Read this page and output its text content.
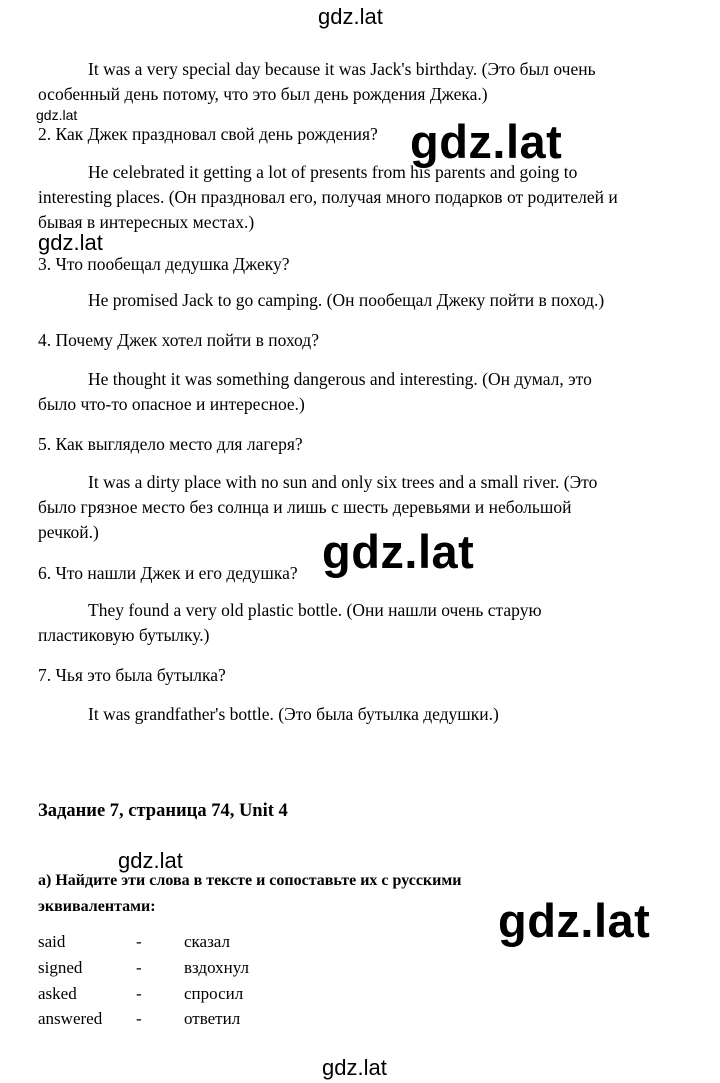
gdz.lat
gdz.lat
gdz.lat
gdz.lat
gdz.lat
It was a very special day because it was Jack's birthday. (Это был очень
особенный день потому, что это был день рождения Джека.)
2. Как Джек праздновал свой день рождения?
He celebrated it getting a lot of presents from his parents and going to
interesting places. (Он праздновал его, получая много подарков от родителей и
бывая в интересных местах.)
3. Что пообещал дедушка Джеку?
He promised Jack to go camping. (Он пообещал Джеку пойти в поход.)
4. Почему Джек хотел пойти в поход?
He thought it was something dangerous and interesting. (Он думал, это
было что-то опасное и интересное.)
5. Как выглядело место для лагеря?
It was a dirty place with no sun and only six trees and a small river. (Это
было грязное место без солнца и лишь с шесть деревьями и небольшой
речкой.)
6. Что нашли Джек и его дедушка?
They found a very old plastic bottle. (Они нашли очень старую
пластиковую бутылку.)
7. Чья это была бутылка?
It was grandfather's bottle. (Это была бутылка дедушки.)
Задание 7, страница 74, Unit 4
a) Найдите эти слова в тексте и сопоставьте их с русскими
эквивалентами:
said	- сказал
signed	- вздохнул
asked	- спросил
answered - ответил
gdz.lat
gdz.lat
gdz.lat
